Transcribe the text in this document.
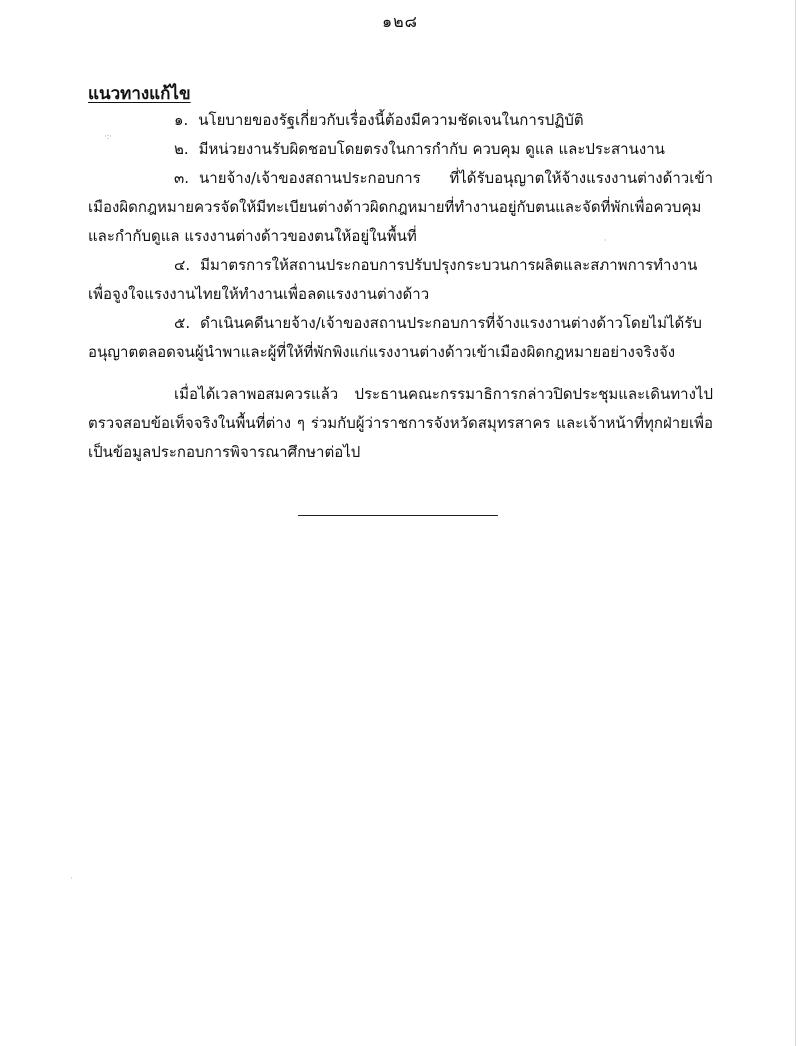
๑๒๘
แนวทางแก้ไข
๑. นโยบายของรัฐเกี่ยวกับเรื่องนี้ต้องมีความชัดเจนในการปฏิบัติ
๒. มีหน่วยงานรับผิดชอบโดยตรงในการกำกับ ควบคุม ดูแล และประสานงาน
๓. นายจ้าง/เจ้าของสถานประกอบการ ที่ได้รับอนุญาตให้จ้างแรงงานต่างด้าวเข้าเมืองผิดกฎหมายควรจัดให้มีทะเบียนต่างด้าวผิดกฎหมายที่ทำงานอยู่กับตนและจัดที่พักเพื่อควบคุมและกำกับดูแล แรงงานต่างด้าวของตนให้อยู่ในพื้นที่
๔. มีมาตรการให้สถานประกอบการปรับปรุงกระบวนการผลิตและสภาพการทำงานเพื่อจูงใจแรงงานไทยให้ทำงานเพื่อลดแรงงานต่างด้าว
๕. ดำเนินคดีนายจ้าง/เจ้าของสถานประกอบการที่จ้างแรงงานต่างด้าวโดยไม่ได้รับอนุญาตตลอดจนผู้นำพาและผู้ที่ให้ที่พักพิงแก่แรงงานต่างด้าวเข้าเมืองผิดกฎหมายอย่างจริงจัง

เมื่อได้เวลาพอสมควรแล้ว ประธานคณะกรรมาธิการกล่าวปิดประชุมและเดินทางไปตรวจสอบข้อเท็จจริงในพื้นที่ต่าง ๆ ร่วมกับผู้ว่าราชการจังหวัดสมุทรสาคร และเจ้าหน้าที่ทุกฝ่ายเพื่อเป็นข้อมูลประกอบการพิจารณาศึกษาต่อไป

·:·
·
·
